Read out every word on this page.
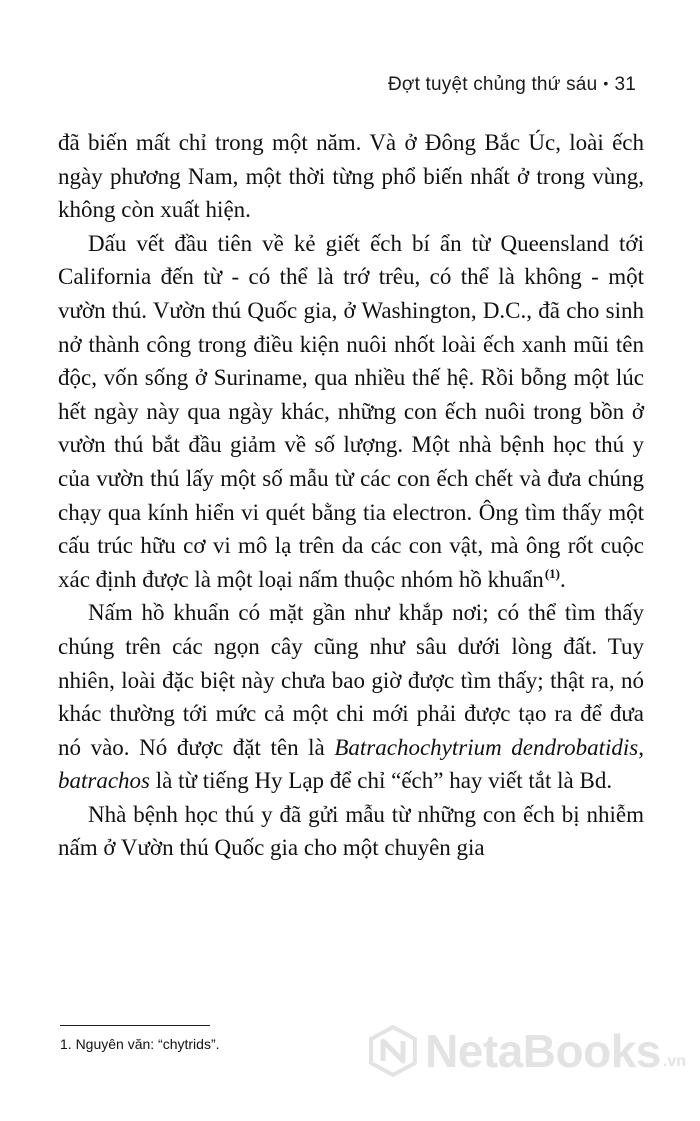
Đợt tuyệt chủng thứ sáu • 31

đã biến mất chỉ trong một năm. Và ở Đông Bắc Úc, loài ếch ngày phương Nam, một thời từng phổ biến nhất ở trong vùng, không còn xuất hiện.

Dấu vết đầu tiên về kẻ giết ếch bí ẩn từ Queensland tới California đến từ - có thể là trớ trêu, có thể là không - một vườn thú. Vườn thú Quốc gia, ở Washington, D.C., đã cho sinh nở thành công trong điều kiện nuôi nhốt loài ếch xanh mũi tên độc, vốn sống ở Suriname, qua nhiều thế hệ. Rồi bỗng một lúc hết ngày này qua ngày khác, những con ếch nuôi trong bồn ở vườn thú bắt đầu giảm về số lượng. Một nhà bệnh học thú y của vườn thú lấy một số mẫu từ các con ếch chết và đưa chúng chạy qua kính hiển vi quét bằng tia electron. Ông tìm thấy một cấu trúc hữu cơ vi mô lạ trên da các con vật, mà ông rốt cuộc xác định được là một loại nấm thuộc nhóm hồ khuẩn$^{(1)}$.

Nấm hồ khuẩn có mặt gần như khắp nơi; có thể tìm thấy chúng trên các ngọn cây cũng như sâu dưới lòng đất. Tuy nhiên, loài đặc biệt này chưa bao giờ được tìm thấy; thật ra, nó khác thường tới mức cả một chi mới phải được tạo ra để đưa nó vào. Nó được đặt tên là Batrachochytrium dendrobatidis, batrachos là từ tiếng Hy Lạp để chỉ “ếch” hay viết tắt là Bd.

Nhà bệnh học thú y đã gửi mẫu từ những con ếch bị nhiễm nấm ở Vườn thú Quốc gia cho một chuyên gia

1. Nguyên văn: “chytrids”.	NetaBooks .vn
